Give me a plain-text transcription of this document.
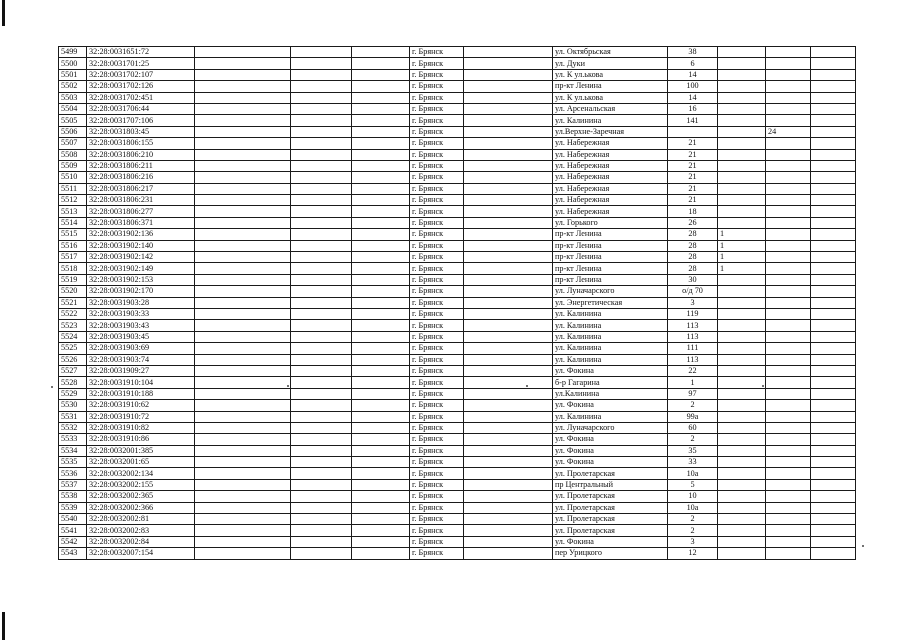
5499	32:28:0031651:72				г. Брянск		ул. Октябрьская	38			
5500	32:28:0031701:25				г. Брянск		ул. Дуки	6			
5501	32:28:0031702:107				г. Брянск		ул. К ул.ькова	14			
5502	32:28:0031702:126				г. Брянск		пр-кт Ленина	100			
5503	32:28:0031702:451				г. Брянск		ул. К ул.ькова	14			
5504	32:28:0031706:44				г. Брянск		ул. Арсенальская	16			
5505	32:28:0031707:106				г. Брянск		ул. Калинина	141			
5506	32:28:0031803:45				г. Брянск		ул.Верхне-Заречная			24	
5507	32:28:0031806:155				г. Брянск		ул. Набережная	21			
5508	32:28:0031806:210				г. Брянск		ул. Набережная	21			
5509	32:28:0031806:211				г. Брянск		ул. Набережная	21			
5510	32:28:0031806:216				г. Брянск		ул. Набережная	21			
5511	32:28:0031806:217				г. Брянск		ул. Набережная	21			
5512	32:28:0031806:231				г. Брянск		ул. Набережная	21			
5513	32:28:0031806:277				г. Брянск		ул. Набережная	18			
5514	32:28:0031806:371				г. Брянск		ул. Горького	26			
5515	32:28:0031902:136				г. Брянск		пр-кт Ленина	28	1		
5516	32:28:0031902:140				г. Брянск		пр-кт Ленина	28	1		
5517	32:28:0031902:142				г. Брянск		пр-кт Ленина	28	1		
5518	32:28:0031902:149				г. Брянск		пр-кт Ленина	28	1		
5519	32:28:0031902:153				г. Брянск		пр-кт Ленина	30			
5520	32:28:0031902:170				г. Брянск		ул. Луначарского	о/д 70			
5521	32:28:0031903:28				г. Брянск		ул. Энергетическая	3			
5522	32:28:0031903:33				г. Брянск		ул. Калинина	119			
5523	32:28:0031903:43				г. Брянск		ул. Калинина	113			
5524	32:28:0031903:45				г. Брянск		ул. Калинина	113			
5525	32:28:0031903:69				г. Брянск		ул. Калинина	111			
5526	32:28:0031903:74				г. Брянск		ул. Калинина	113			
5527	32:28:0031909:27				г. Брянск		ул. Фокина	22			
5528	32:28:0031910:104				г. Брянск		б-р Гагарина	1			
5529	32:28:0031910:188				г. Брянск		ул.Калинина	97			
5530	32:28:0031910:62				г. Брянск		ул. Фокина	2			
5531	32:28:0031910:72				г. Брянск		ул. Калинина	99а			
5532	32:28:0031910:82				г. Брянск		ул. Луначарского	60			
5533	32:28:0031910:86				г. Брянск		ул. Фокина	2			
5534	32:28:0032001:385				г. Брянск		ул. Фокина	35			
5535	32:28:0032001:65				г. Брянск		ул. Фокина	33			
5536	32:28:0032002:134				г. Брянск		ул. Пролетарская	10а			
5537	32:28:0032002:155				г. Брянск		пр Центральный	5			
5538	32:28:0032002:365				г. Брянск		ул. Пролетарская	10			
5539	32:28:0032002:366				г. Брянск		ул. Пролетарская	10а			
5540	32:28:0032002:81				г. Брянск		ул. Пролетарская	2			
5541	32:28:0032002:83				г. Брянск		ул. Пролетарская	2			
5542	32:28:0032002:84				г. Брянск		ул. Фокина	3			
5543	32:28:0032007:154				г. Брянск		пер Урицкого	12			
